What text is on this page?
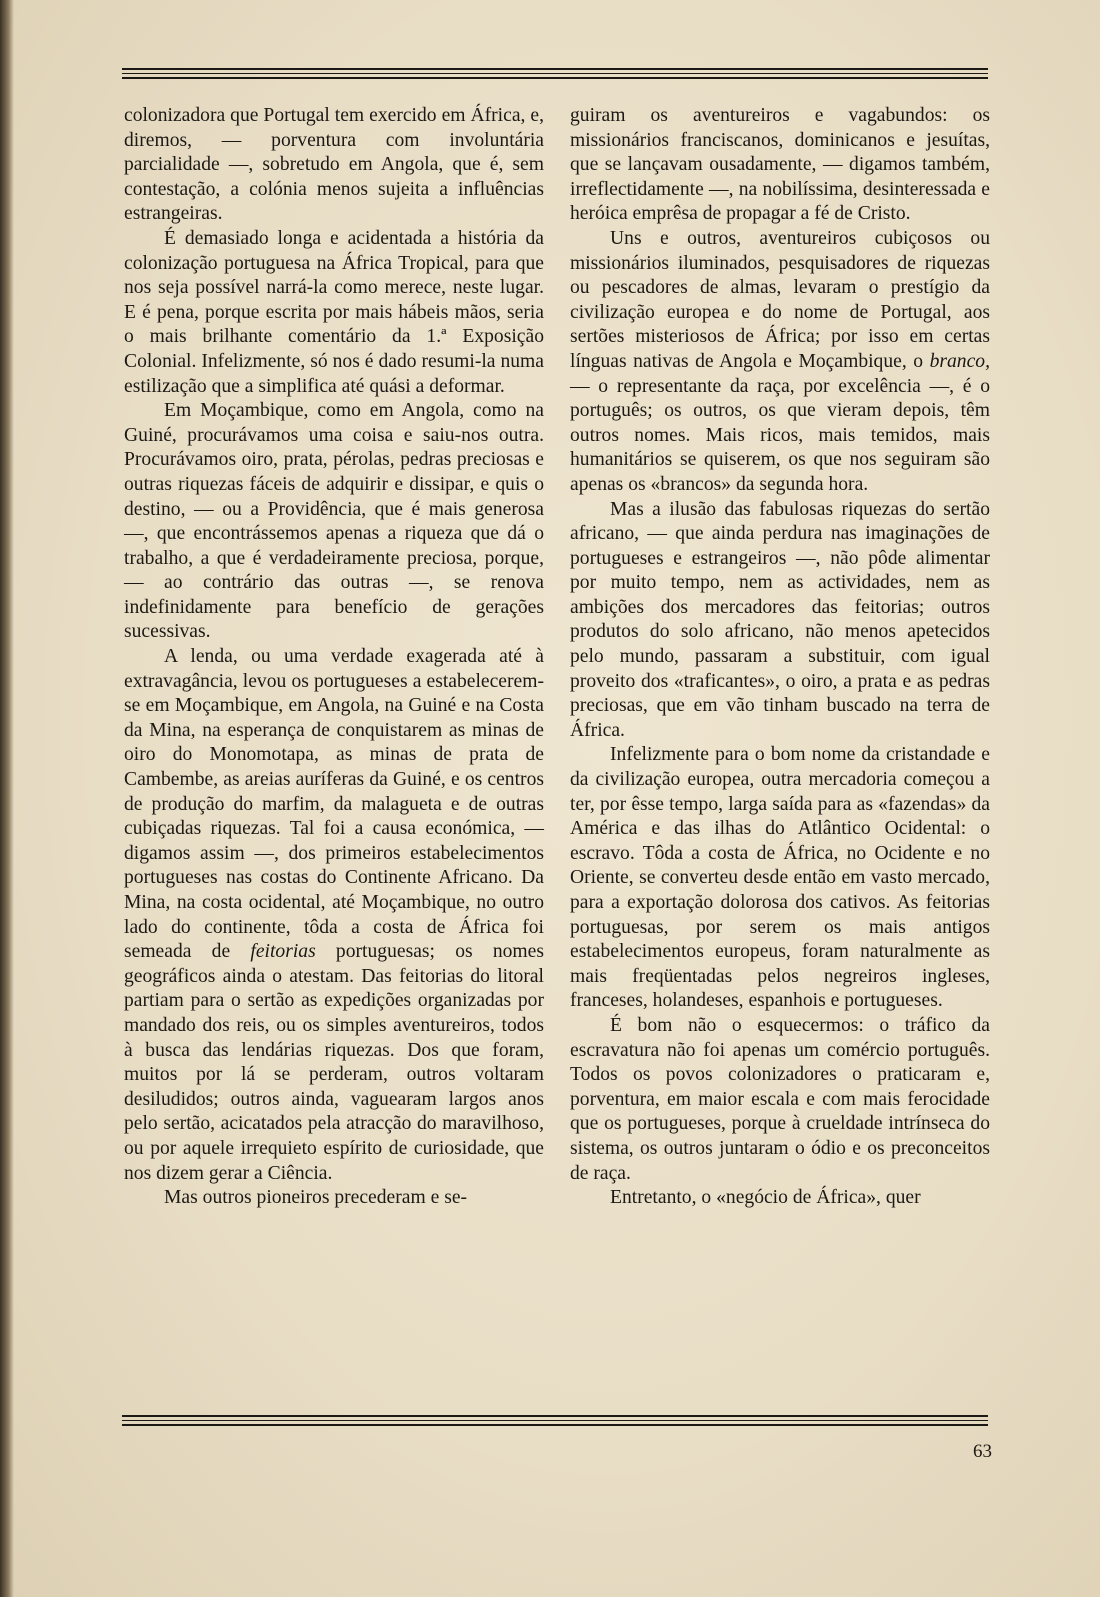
colonizadora que Portugal tem exercido em África, e, diremos, — porventura com involuntária parcialidade —, sobretudo em Angola, que é, sem contestação, a colónia menos sujeita a influências estrangeiras.

É demasiado longa e acidentada a história da colonização portuguesa na África Tropical, para que nos seja possível narrá-la como merece, neste lugar. E é pena, porque escrita por mais hábeis mãos, seria o mais brilhante comentário da 1.ª Exposição Colonial. Infelizmente, só nos é dado resumi-la numa estilização que a simplifica até quási a deformar.

Em Moçambique, como em Angola, como na Guiné, procurávamos uma coisa e saiu-nos outra. Procurávamos oiro, prata, pérolas, pedras preciosas e outras riquezas fáceis de adquirir e dissipar, e quis o destino, — ou a Providência, que é mais generosa —, que encontrássemos apenas a riqueza que dá o trabalho, a que é verdadeiramente preciosa, porque, — ao contrário das outras —, se renova indefinidamente para benefício de gerações sucessivas.

A lenda, ou uma verdade exagerada até à extravagância, levou os portugueses a estabelecerem-se em Moçambique, em Angola, na Guiné e na Costa da Mina, na esperança de conquistarem as minas de oiro do Monomotapa, as minas de prata de Cambembe, as areias auríferas da Guiné, e os centros de produção do marfim, da malagueta e de outras cubiçadas riquezas. Tal foi a causa económica, — digamos assim —, dos primeiros estabelecimentos portugueses nas costas do Continente Africano. Da Mina, na costa ocidental, até Moçambique, no outro lado do continente, tôda a costa de África foi semeada de feitorias portuguesas; os nomes geográficos ainda o atestam. Das feitorias do litoral partiam para o sertão as expedições organizadas por mandado dos reis, ou os simples aventureiros, todos à busca das lendárias riquezas. Dos que foram, muitos por lá se perderam, outros voltaram desiludidos; outros ainda, vaguearam largos anos pelo sertão, acicatados pela atracção do maravilhoso, ou por aquele irrequieto espírito de curiosidade, que nos dizem gerar a Ciência.

Mas outros pioneiros precederam e se-

guiram os aventureiros e vagabundos: os missionários franciscanos, dominicanos e jesuítas, que se lançavam ousadamente, — digamos também, irreflectidamente —, na nobilíssima, desinteressada e heróica emprêsa de propagar a fé de Cristo.

Uns e outros, aventureiros cubiçosos ou missionários iluminados, pesquisadores de riquezas ou pescadores de almas, levaram o prestígio da civilização europea e do nome de Portugal, aos sertões misteriosos de África; por isso em certas línguas nativas de Angola e Moçambique, o branco, — o representante da raça, por excelência —, é o português; os outros, os que vieram depois, têm outros nomes. Mais ricos, mais temidos, mais humanitários se quiserem, os que nos seguiram são apenas os «brancos» da segunda hora.

Mas a ilusão das fabulosas riquezas do sertão africano, — que ainda perdura nas imaginações de portugueses e estrangeiros —, não pôde alimentar por muito tempo, nem as actividades, nem as ambições dos mercadores das feitorias; outros produtos do solo africano, não menos apetecidos pelo mundo, passaram a substituir, com igual proveito dos «traficantes», o oiro, a prata e as pedras preciosas, que em vão tinham buscado na terra de África.

Infelizmente para o bom nome da cristandade e da civilização europea, outra mercadoria começou a ter, por êsse tempo, larga saída para as «fazendas» da América e das ilhas do Atlântico Ocidental: o escravo. Tôda a costa de África, no Ocidente e no Oriente, se converteu desde então em vasto mercado, para a exportação dolorosa dos cativos. As feitorias portuguesas, por serem os mais antigos estabelecimentos europeus, foram naturalmente as mais freqüentadas pelos negreiros ingleses, franceses, holandeses, espanhois e portugueses.

É bom não o esquecermos: o tráfico da escravatura não foi apenas um comércio português. Todos os povos colonizadores o praticaram e, porventura, em maior escala e com mais ferocidade que os portugueses, porque à crueldade intrínseca do sistema, os outros juntaram o ódio e os preconceitos de raça.

Entretanto, o «negócio de África», quer

63
